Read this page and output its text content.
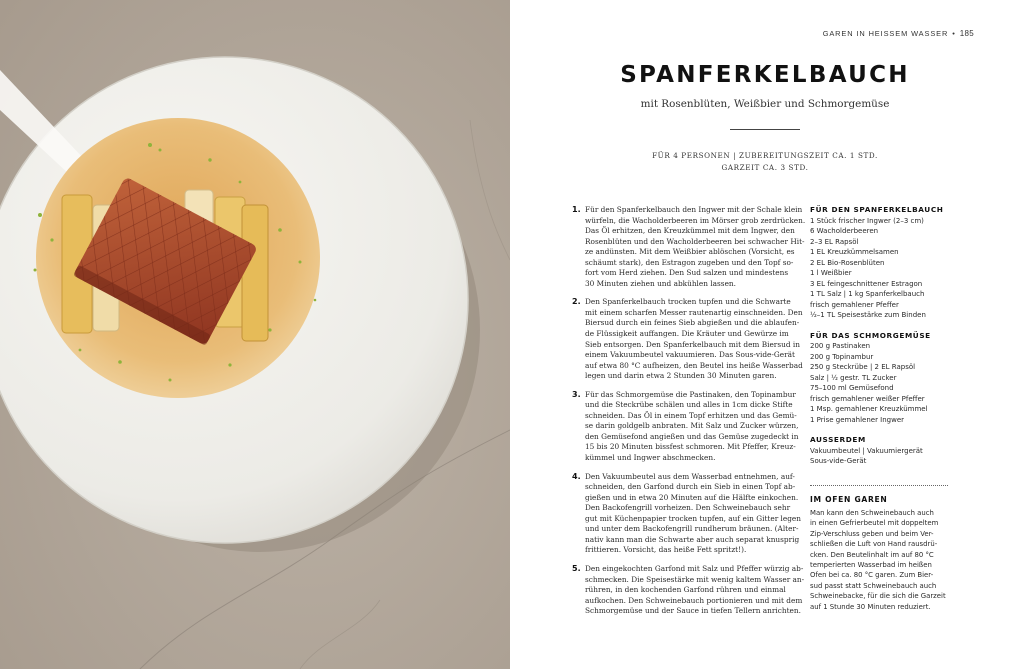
GAREN IN HEISSEM WASSER • 185
SPANFERKELBAUCH
mit Rosenblüten, Weißbier und Schmorgemüse
FÜR 4 PERSONEN | ZUBEREITUNGSZEIT CA. 1 STD.
GARZEIT CA. 3 STD.
1. Für den Spanferkelbauch den Ingwer mit der Schale klein
würfeln, die Wacholderbeeren im Mörser grob zerdrücken.
Das Öl erhitzen, den Kreuzkümmel mit dem Ingwer, den
Rosenblüten und den Wacholderbeeren bei schwacher Hit-
ze andünsten. Mit dem Weißbier ablöschen (Vorsicht, es
schäumt stark), den Estragon zugeben und den Topf so-
fort vom Herd ziehen. Den Sud salzen und mindestens
30 Minuten ziehen und abkühlen lassen.
2. Den Spanferkelbauch trocken tupfen und die Schwarte
mit einem scharfen Messer rautenartig einschneiden. Den
Biersud durch ein feines Sieb abgießen und die ablaufen-
de Flüssigkeit auffangen. Die Kräuter und Gewürze im
Sieb entsorgen. Den Spanferkelbauch mit dem Biersud in
einem Vakuumbeutel vakuumieren. Das Sous-vide-Gerät
auf etwa 80 °C aufheizen, den Beutel ins heiße Wasserbad
legen und darin etwa 2 Stunden 30 Minuten garen.
3. Für das Schmorgemüse die Pastinaken, den Topinambur
und die Steckrübe schälen und alles in 1cm dicke Stifte
schneiden. Das Öl in einem Topf erhitzen und das Gemü-
se darin goldgelb anbraten. Mit Salz und Zucker würzen,
den Gemüsefond angießen und das Gemüse zugedeckt in
15 bis 20 Minuten bissfest schmoren. Mit Pfeffer, Kreuz-
kümmel und Ingwer abschmecken.
4. Den Vakuumbeutel aus dem Wasserbad entnehmen, auf-
schneiden, den Garfond durch ein Sieb in einen Topf ab-
gießen und in etwa 20 Minuten auf die Hälfte einkochen.
Den Backofengrill vorheizen. Den Schweinebauch sehr
gut mit Küchenpapier trocken tupfen, auf ein Gitter legen
und unter dem Backofengrill rundherum bräunen. (Alter-
nativ kann man die Schwarte aber auch separat knusprig
frittieren. Vorsicht, das heiße Fett spritzt!).
5. Den eingekochten Garfond mit Salz und Pfeffer würzig ab-
schmecken. Die Speisestärke mit wenig kaltem Wasser an-
rühren, in den kochenden Garfond rühren und einmal
aufkochen. Den Schweinebauch portionieren und mit dem
Schmorgemüse und der Sauce in tiefen Tellern anrichten.
FÜR DEN SPANFERKELBAUCH
1 Stück frischer Ingwer (2–3 cm)
6 Wacholderbeeren
2–3 EL Rapsöl
1 EL Kreuzkümmelsamen
2 EL Bio-Rosenblüten
1 l Weißbier
3 EL feingeschnittener Estragon
1 TL Salz | 1 kg Spanferkelbauch
frisch gemahlener Pfeffer
½–1 TL Speisestärke zum Binden
FÜR DAS SCHMORGEMÜSE
200 g Pastinaken
200 g Topinambur
250 g Steckrübe | 2 EL Rapsöl
Salz | ½ gestr. TL Zucker
75–100 ml Gemüsefond
frisch gemahlener weißer Pfeffer
1 Msp. gemahlener Kreuzkümmel
1 Prise gemahlener Ingwer
AUSSERDEM
Vakuumbeutel | Vakuumiergerät
Sous-vide-Gerät
IM OFEN GAREN
Man kann den Schweinebauch auch
in einen Gefrierbeutel mit doppeltem
Zip-Verschluss geben und beim Ver-
schließen die Luft von Hand rausdrü-
cken. Den Beutelinhalt im auf 80 °C
temperierten Wasserbad im heißen
Ofen bei ca. 80 °C garen. Zum Bier-
sud passt statt Schweinebauch auch
Schweinebacke, für die sich die Garzeit
auf 1 Stunde 30 Minuten reduziert.
